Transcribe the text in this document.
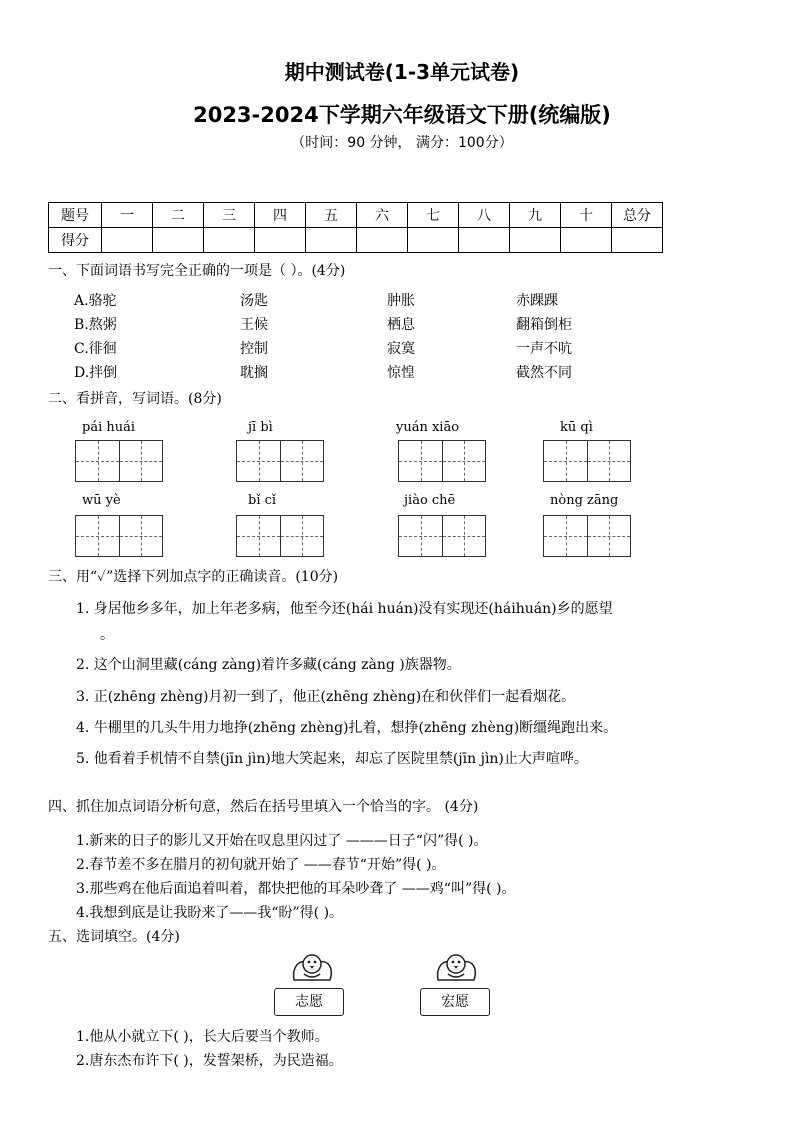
期中测试卷(1-3单元试卷)
2023-2024下学期六年级语文下册(统编版)
（时间：90 分钟， 满分：100分）
题号	一	二	三	四	五	六	七	八	九	十	总分
得分											
一、下面词语书写完全正确的一项是（ ）。(4分)
A.骆驼	汤匙	肿胀	赤踝踝
B.熬粥	王候	栖息	翻箱倒柜
C.徘徊	控制	寂寞	一声不吭
D.拌倒	耽搁	惊惶	截然不同
二、看拼音，写词语。(8分)
pái huái	jī bì	yuán xiāo	kū qì
wū yè	bǐ cǐ	jiào chē	nòng zāng
三、用“✓”选择下列加点字的正确读音。(10分)
1. 身居他乡多年，加上年老多病，他至今还(hái huán)没有实现还(háihuán)乡的愿望
。
2. 这个山洞里藏(cáng zàng)着许多藏(cáng zàng )族器物。
3. 正(zhēng zhèng)月初一到了，他正(zhēng zhèng)在和伙伴们一起看烟花。
4. 牛棚里的几头牛用力地挣(zhēng zhèng)扎着，想挣(zhēng zhèng)断缰绳跑出来。
5. 他看着手机情不自禁(jīn jìn)地大笑起来，却忘了医院里禁(jīn jìn)止大声喧哗。
四、抓住加点词语分析句意，然后在括号里填入一个恰当的字。 (4分)
1.新来的日子的影儿又开始在叹息里闪过了 ———日子“闪”得( )。
2.春节差不多在腊月的初旬就开始了 ——春节“开始”得( )。
3.那些鸡在他后面追着叫着，都快把他的耳朵吵聋了 ——鸡“叫”得( )。
4.我想到底是让我盼来了——我“盼”得( )。
五、选词填空。(4分)
志愿	宏愿
1.他从小就立下( )，长大后要当个教师。
2.唐东杰布许下( )，发誓架桥，为民造福。
